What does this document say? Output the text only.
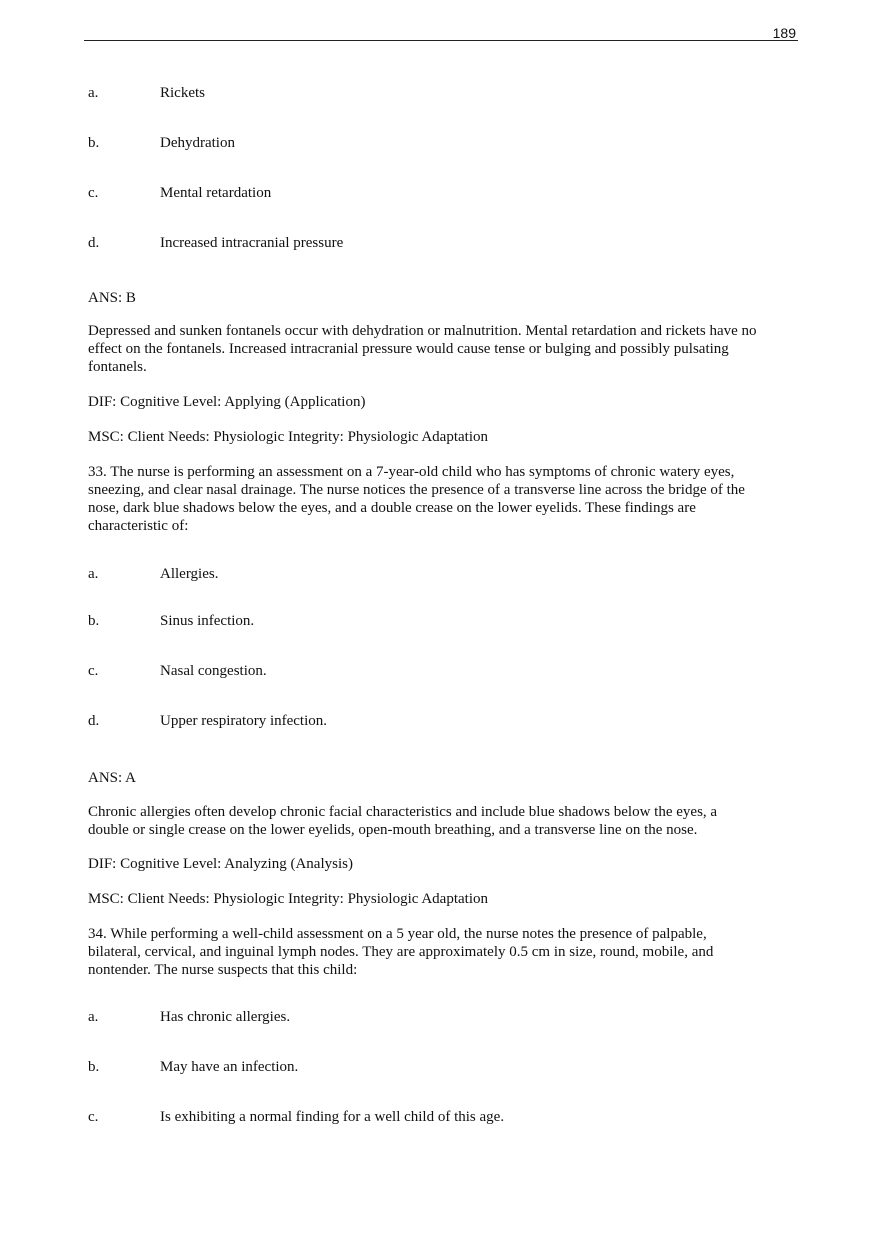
189
a.	Rickets
b.	Dehydration
c.	Mental retardation
d.	Increased intracranial pressure
ANS: B
Depressed and sunken fontanels occur with dehydration or malnutrition. Mental retardation and rickets have no
effect on the fontanels. Increased intracranial pressure would cause tense or bulging and possibly pulsating
fontanels.
DIF: Cognitive Level: Applying (Application)
MSC: Client Needs: Physiologic Integrity: Physiologic Adaptation
33. The nurse is performing an assessment on a 7-year-old child who has symptoms of chronic watery eyes,
sneezing, and clear nasal drainage. The nurse notices the presence of a transverse line across the bridge of the
nose, dark blue shadows below the eyes, and a double crease on the lower eyelids. These findings are
characteristic of:
a.	Allergies.
b.	Sinus infection.
c.	Nasal congestion.
d.	Upper respiratory infection.
ANS: A
Chronic allergies often develop chronic facial characteristics and include blue shadows below the eyes, a
double or single crease on the lower eyelids, open-mouth breathing, and a transverse line on the nose.
DIF: Cognitive Level: Analyzing (Analysis)
MSC: Client Needs: Physiologic Integrity: Physiologic Adaptation
34. While performing a well-child assessment on a 5 year old, the nurse notes the presence of palpable,
bilateral, cervical, and inguinal lymph nodes. They are approximately 0.5 cm in size, round, mobile, and
nontender. The nurse suspects that this child:
a.	Has chronic allergies.
b.	May have an infection.
c.	Is exhibiting a normal finding for a well child of this age.
